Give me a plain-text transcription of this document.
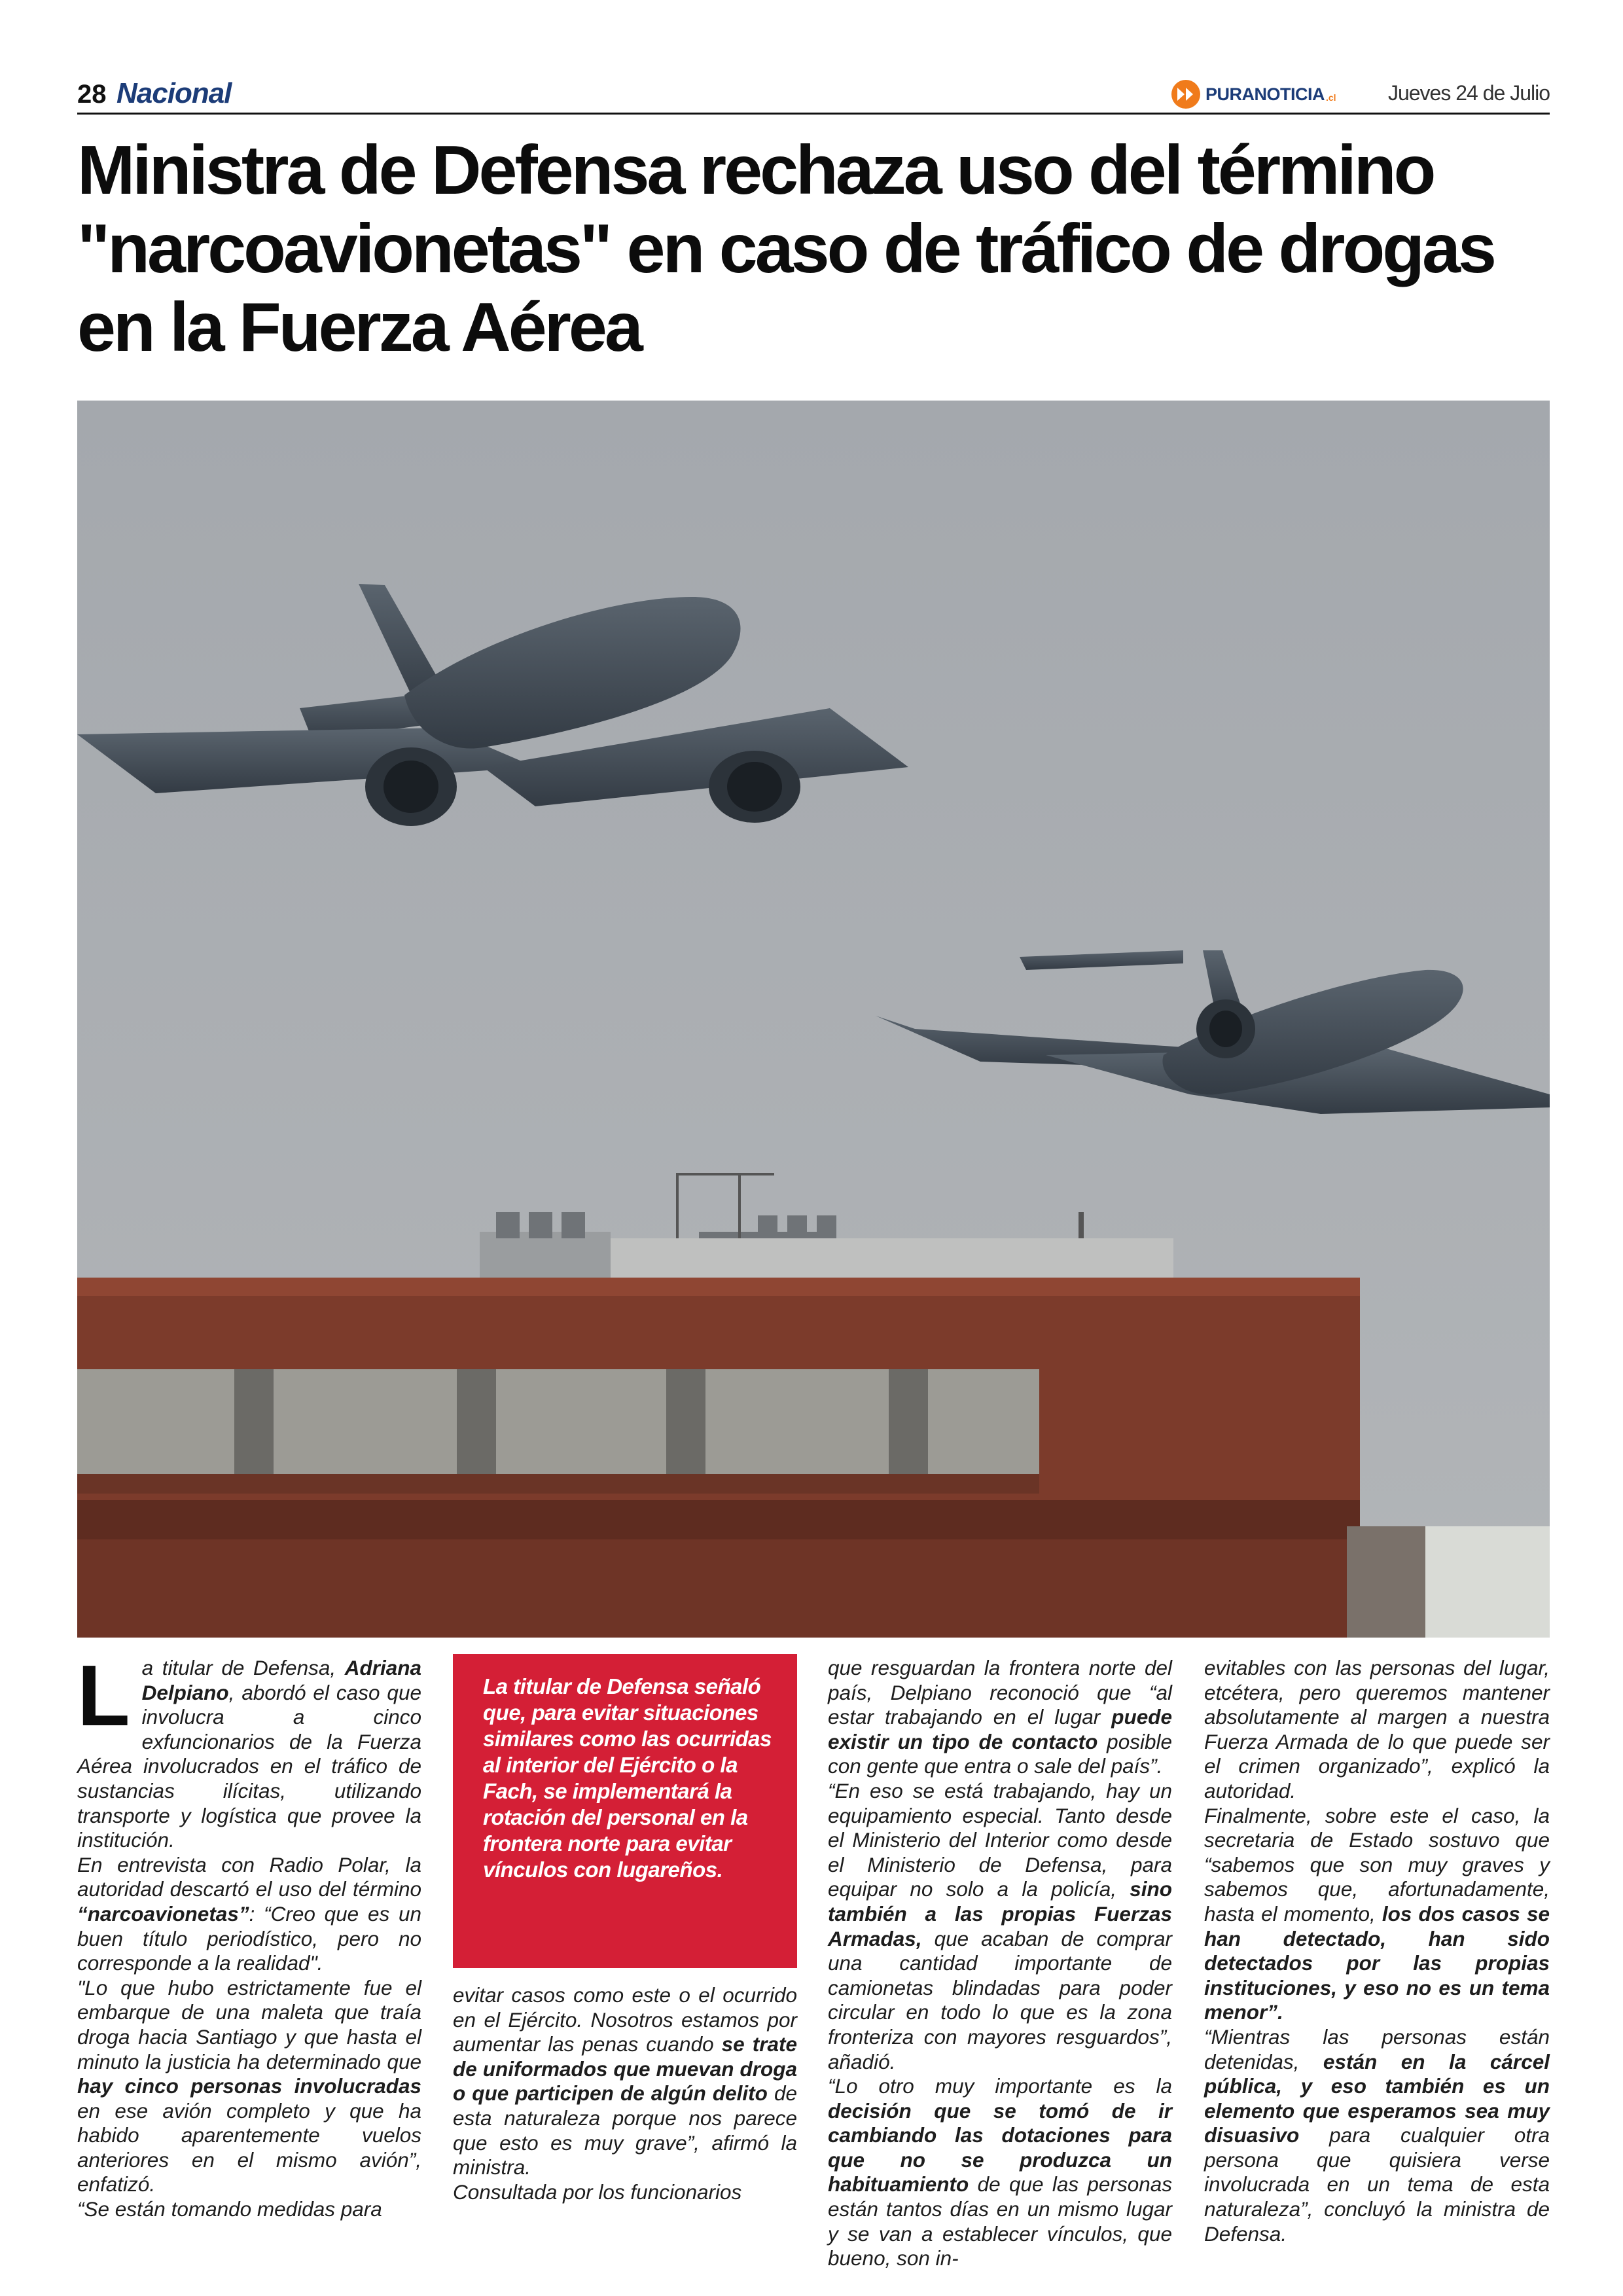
28 Nacional	PURANOTICIA .cl Jueves 24 de Julio
Ministra de Defensa rechaza uso del término "narcoavionetas" en caso de tráfico de drogas en la Fuerza Aérea
L a titular de Defensa, Adriana Delpiano, abordó el caso que involucra a cinco exfuncionarios de la Fuerza Aérea involucrados en el tráfico de sustancias ilícitas, utilizando transporte y logística que provee la institución.

En entrevista con Radio Polar, la autoridad descartó el uso del término “narcoavionetas”: “Creo que es un buen título periodístico, pero no corresponde a la realidad".

"Lo que hubo estrictamente fue el embarque de una maleta que traía droga hacia Santiago y que hasta el minuto la justicia ha determinado que hay cinco personas involucradas en ese avión completo y que ha habido aparentemente vuelos anteriores en el mismo avión”, enfatizó.

“Se están tomando medidas para

La titular de Defensa señaló que, para evitar situaciones similares como las ocurridas al interior del Ejército o la Fach, se implementará la rotación del personal en la frontera norte para evitar vínculos con lugareños.

evitar casos como este o el ocurrido en el Ejército. Nosotros estamos por aumentar las penas cuando se trate de uniformados que muevan droga o que participen de algún delito de esta naturaleza porque nos parece que esto es muy grave”, afirmó la ministra.

Consultada por los funcionarios

que resguardan la frontera norte del país, Delpiano reconoció que “al estar trabajando en el lugar puede existir un tipo de contacto posible con gente que entra o sale del país”.

“En eso se está trabajando, hay un equipamiento especial. Tanto desde el Ministerio del Interior como desde el Ministerio de Defensa, para equipar no solo a la policía, sino también a las propias Fuerzas Armadas, que acaban de comprar una cantidad importante de camionetas blindadas para poder circular en todo lo que es la zona fronteriza con mayores resguardos”, añadió.

“Lo otro muy importante es la decisión que se tomó de ir cambiando las dotaciones para que no se produzca un habituamiento de que las personas están tantos días en un mismo lugar y se van a establecer vínculos, que bueno, son in-

evitables con las personas del lugar, etcétera, pero queremos mantener absolutamente al margen a nuestra Fuerza Armada de lo que puede ser el crimen organizado”, explicó la autoridad.

Finalmente, sobre este el caso, la secretaria de Estado sostuvo que “sabemos que son muy graves y sabemos que, afortunadamente, hasta el momento, los dos casos se han detectado, han sido detectados por las propias instituciones, y eso no es un tema menor”.

“Mientras las personas están detenidas, están en la cárcel pública, y eso también es un elemento que esperamos sea muy disuasivo para cualquier otra persona que quisiera verse involucrada en un tema de esta naturaleza”, concluyó la ministra de Defensa.
